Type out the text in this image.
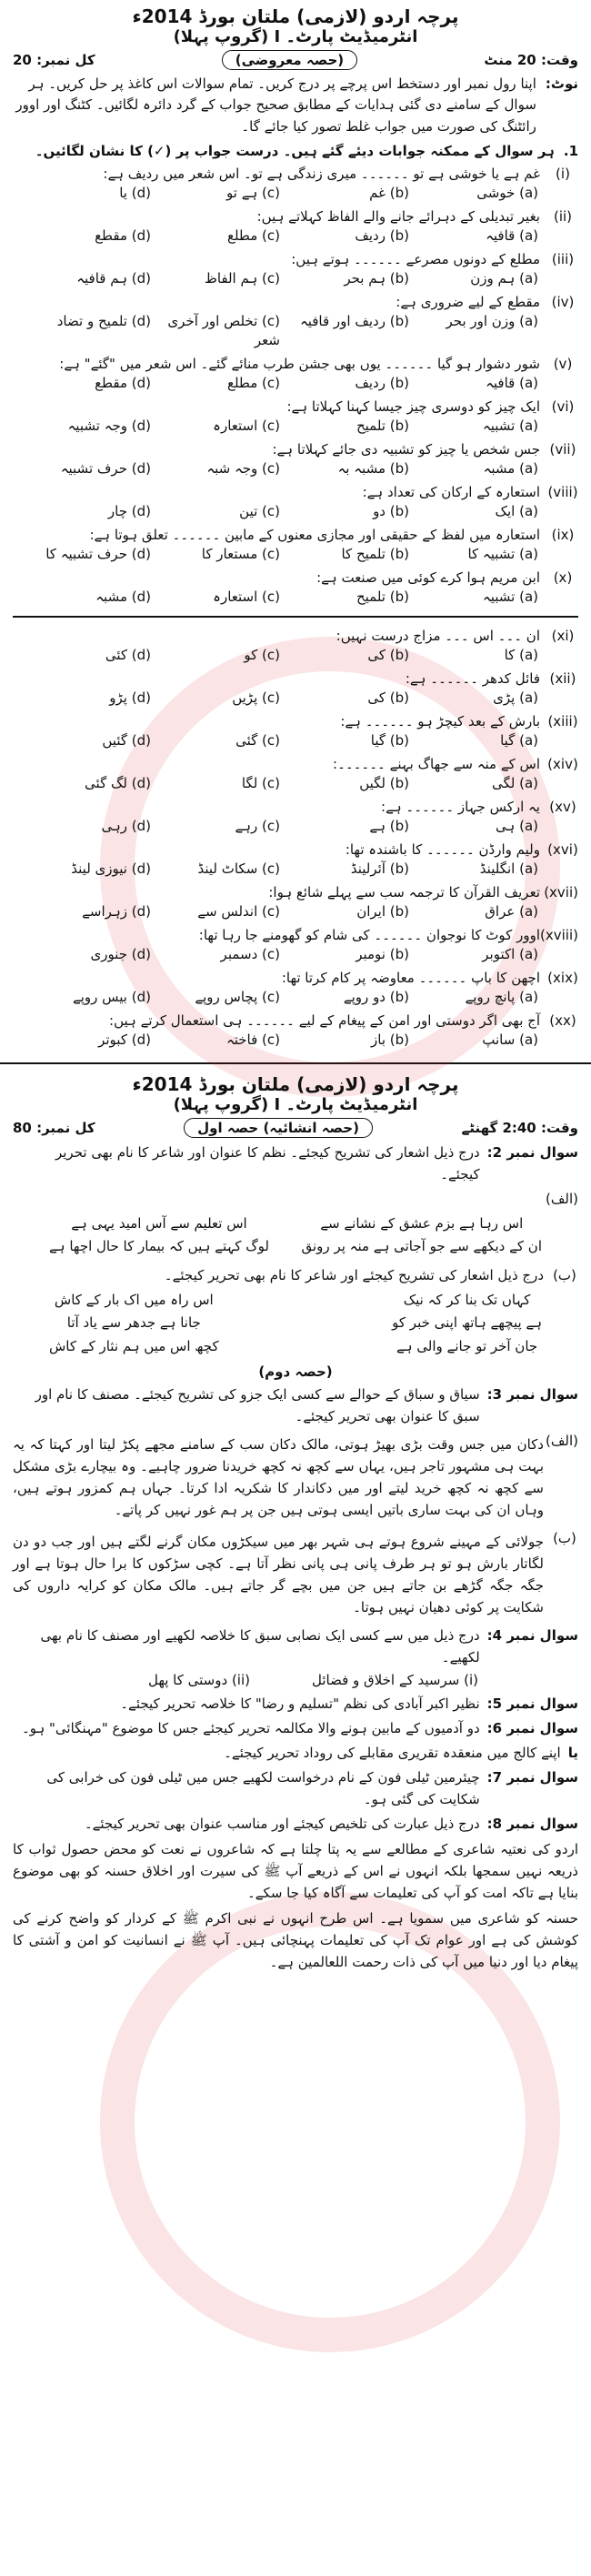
پرچہ اردو (لازمی) ملتان بورڈ 2014ء

انٹرمیڈیٹ پارٹ۔ I (گروپ پہلا)

وقت: 20 منٹ
(حصہ معروضی)
کل نمبر: 20
نوٹ:
اپنا رول نمبر اور دستخط اس پرچے پر درج کریں۔ تمام سوالات اس کاغذ پر حل کریں۔ ہر سوال کے سامنے دی گئی ہدایات کے مطابق صحیح جواب کے گرد دائرہ لگائیں۔ کٹنگ اور اوور رائٹنگ کی صورت میں جواب غلط تصور کیا جائے گا۔
1.
ہر سوال کے ممکنہ جوابات دیئے گئے ہیں۔ درست جواب پر (✓) کا نشان لگائیں۔
(i)
غم ہے یا خوشی ہے تو ۔۔۔۔۔۔ میری زندگی ہے تو۔ اس شعر میں ردیف ہے:
(a) خوشی
(b) غم
(c) ہے تو
(d) یا
(ii)
بغیر تبدیلی کے دہرائے جانے والے الفاظ کہلاتے ہیں:
(a) قافیہ
(b) ردیف
(c) مطلع
(d) مقطع
(iii)
مطلع کے دونوں مصرعے ۔۔۔۔۔۔ ہوتے ہیں:
(a) ہم وزن
(b) ہم بحر
(c) ہم الفاظ
(d) ہم قافیہ
(iv)
مقطع کے لیے ضروری ہے:
(a) وزن اور بحر
(b) ردیف اور قافیہ
(c) تخلص اور آخری شعر
(d) تلمیح و تضاد
(v)
شور دشوار ہو گیا ۔۔۔۔۔۔ یوں بھی جشن طرب منائے گئے۔ اس شعر میں "گئے" ہے:
(a) قافیہ
(b) ردیف
(c) مطلع
(d) مقطع
(vi)
ایک چیز کو دوسری چیز جیسا کہنا کہلاتا ہے:
(a) تشبیہ
(b) تلمیح
(c) استعارہ
(d) وجہ تشبیہ
(vii)
جس شخص یا چیز کو تشبیہ دی جائے کہلاتا ہے:
(a) مشبہ
(b) مشبہ بہ
(c) وجہ شبہ
(d) حرف تشبیہ
(viii)
استعارہ کے ارکان کی تعداد ہے:
(a) ایک
(b) دو
(c) تین
(d) چار
(ix)
استعارہ میں لفظ کے حقیقی اور مجازی معنوں کے مابین ۔۔۔۔۔۔ تعلق ہوتا ہے:
(a) تشبیہ کا
(b) تلمیح کا
(c) مستعار کا
(d) حرف تشبیہ کا
(x)
ابن مریم ہوا کرے کوئی میں صنعت ہے:
(a) تشبیہ
(b) تلمیح
(c) استعارہ
(d) مشبہ
(xi)
ان ۔۔۔ اس ۔۔۔ مزاج درست نہیں:
(a) کا
(b) کی
(c) کو
(d) کئی
(xii)
فائل کدھر ۔۔۔۔۔۔ ہے:
(a) پڑی
(b) کی
(c) پڑیں
(d) پڑو
(xiii)
بارش کے بعد کیچڑ ہو ۔۔۔۔۔۔ ہے:
(a) گیا
(b) گیا
(c) گئی
(d) گئیں
(xiv)
اس کے منہ سے جھاگ بہنے ۔۔۔۔۔۔:
(a) لگی
(b) لگیں
(c) لگا
(d) لگ گئی
(xv)
یہ ارکس جہاز ۔۔۔۔۔۔ ہے:
(a) ہی
(b) ہے
(c) رہے
(d) رہی
(xvi)
ولیم وارڈن ۔۔۔۔۔۔ کا باشندہ تھا:
(a) انگلینڈ
(b) آئرلینڈ
(c) سکاٹ لینڈ
(d) نیوزی لینڈ
(xvii)
تعریف القرآن کا ترجمہ سب سے پہلے شائع ہوا:
(a) عراق
(b) ایران
(c) اندلس سے
(d) زہراسے
(xviii)
اوور کوٹ کا نوجوان ۔۔۔۔۔۔ کی شام کو گھومنے جا رہا تھا:
(a) اکتوبر
(b) نومبر
(c) دسمبر
(d) جنوری
(xix)
اچھن کا باپ ۔۔۔۔۔۔ معاوضہ پر کام کرتا تھا:
(a) پانچ روپے
(b) دو روپے
(c) پچاس روپے
(d) بیس روپے
(xx)
آج بھی اگر دوستی اور امن کے پیغام کے لیے ۔۔۔۔۔۔ ہی استعمال کرتے ہیں:
(a) سانپ
(b) باز
(c) فاختہ
(d) کبوتر

پرچہ اردو (لازمی) ملتان بورڈ 2014ء

انٹرمیڈیٹ پارٹ۔ I (گروپ پہلا)

وقت: 2:40 گھنٹے
(حصہ انشائیہ) حصہ اول
کل نمبر: 80
سوال نمبر 2:
درج ذیل اشعار کی تشریح کیجئے۔ نظم کا عنوان اور شاعر کا نام بھی تحریر کیجئے۔
(الف)
اس رہا ہے بزم عشق کے نشانے سے
ان کے دیکھے سے جو آجاتی ہے منہ پر رونق
اس تعلیم سے آس امید یہی ہے
لوگ کہتے ہیں کہ بیمار کا حال اچھا ہے
(ب)
درج ذیل اشعار کی تشریح کیجئے اور شاعر کا نام بھی تحریر کیجئے۔
کہاں تک بنا کر کہ نیک
ہے پیچھے ہاتھ اپنی خبر کو
جان آخر تو جانے والی ہے
اس راہ میں اک بار کے کاش
جانا ہے جدھر سے یاد آتا
کچھ اس میں ہم نثار کے کاش
(حصہ دوم)
سوال نمبر 3:
سیاق و سباق کے حوالے سے کسی ایک جزو کی تشریح کیجئے۔ مصنف کا نام اور سبق کا عنوان بھی تحریر کیجئے۔
(الف)
دکان میں جس وقت بڑی بھیڑ ہوتی، مالک دکان سب کے سامنے مجھے پکڑ لیتا اور کہتا کہ یہ بہت ہی مشہور تاجر ہیں، یہاں سے کچھ نہ کچھ خریدنا ضرور چاہیے۔ وہ بیچارے بڑی مشکل سے کچھ نہ کچھ خرید لیتے اور میں دکاندار کا شکریہ ادا کرتا۔ جہاں ہم کمزور ہوتے ہیں، وہاں ان کی بہت ساری باتیں ایسی ہوتی ہیں جن پر ہم غور نہیں کر پاتے۔
(ب)
جولائی کے مہینے شروع ہوتے ہی شہر بھر میں سیکڑوں مکان گرنے لگتے ہیں اور جب دو دن لگاتار بارش ہو تو ہر طرف پانی ہی پانی نظر آتا ہے۔ کچی سڑکوں کا برا حال ہوتا ہے اور جگہ جگہ گڑھے بن جاتے ہیں جن میں بچے گر جاتے ہیں۔ مالک مکان کو کرایہ داروں کی شکایت پر کوئی دھیان نہیں ہوتا۔
سوال نمبر 4:
درج ذیل میں سے کسی ایک نصابی سبق کا خلاصہ لکھیے اور مصنف کا نام بھی لکھیے۔
(i) سرسید کے اخلاق و فضائل
(ii) دوستی کا پھل
سوال نمبر 5:
نظیر اکبر آبادی کی نظم "تسلیم و رضا" کا خلاصہ تحریر کیجئے۔
سوال نمبر 6:
دو آدمیوں کے مابین ہونے والا مکالمہ تحریر کیجئے جس کا موضوع "مہنگائی" ہو۔
یا
اپنے کالج میں منعقدہ تقریری مقابلے کی روداد تحریر کیجئے۔
سوال نمبر 7:
چیئرمین ٹیلی فون کے نام درخواست لکھیے جس میں ٹیلی فون کی خرابی کی شکایت کی گئی ہو۔
سوال نمبر 8:
درج ذیل عبارت کی تلخیص کیجئے اور مناسب عنوان بھی تحریر کیجئے۔

اردو کی نعتیہ شاعری کے مطالعے سے یہ پتا چلتا ہے کہ شاعروں نے نعت کو محض حصول ثواب کا ذریعہ نہیں سمجھا بلکہ انہوں نے اس کے ذریعے آپ ﷺ کی سیرت اور اخلاق حسنہ کو بھی موضوع بنایا ہے تاکہ امت کو آپ کی تعلیمات سے آگاہ کیا جا سکے۔

حسنہ کو شاعری میں سمویا ہے۔ اس طرح انہوں نے نبی اکرم ﷺ کے کردار کو واضح کرنے کی کوشش کی ہے اور عوام تک آپ کی تعلیمات پہنچائی ہیں۔ آپ ﷺ نے انسانیت کو امن و آشتی کا پیغام دیا اور دنیا میں آپ کی ذات رحمت اللعالمین ہے۔
